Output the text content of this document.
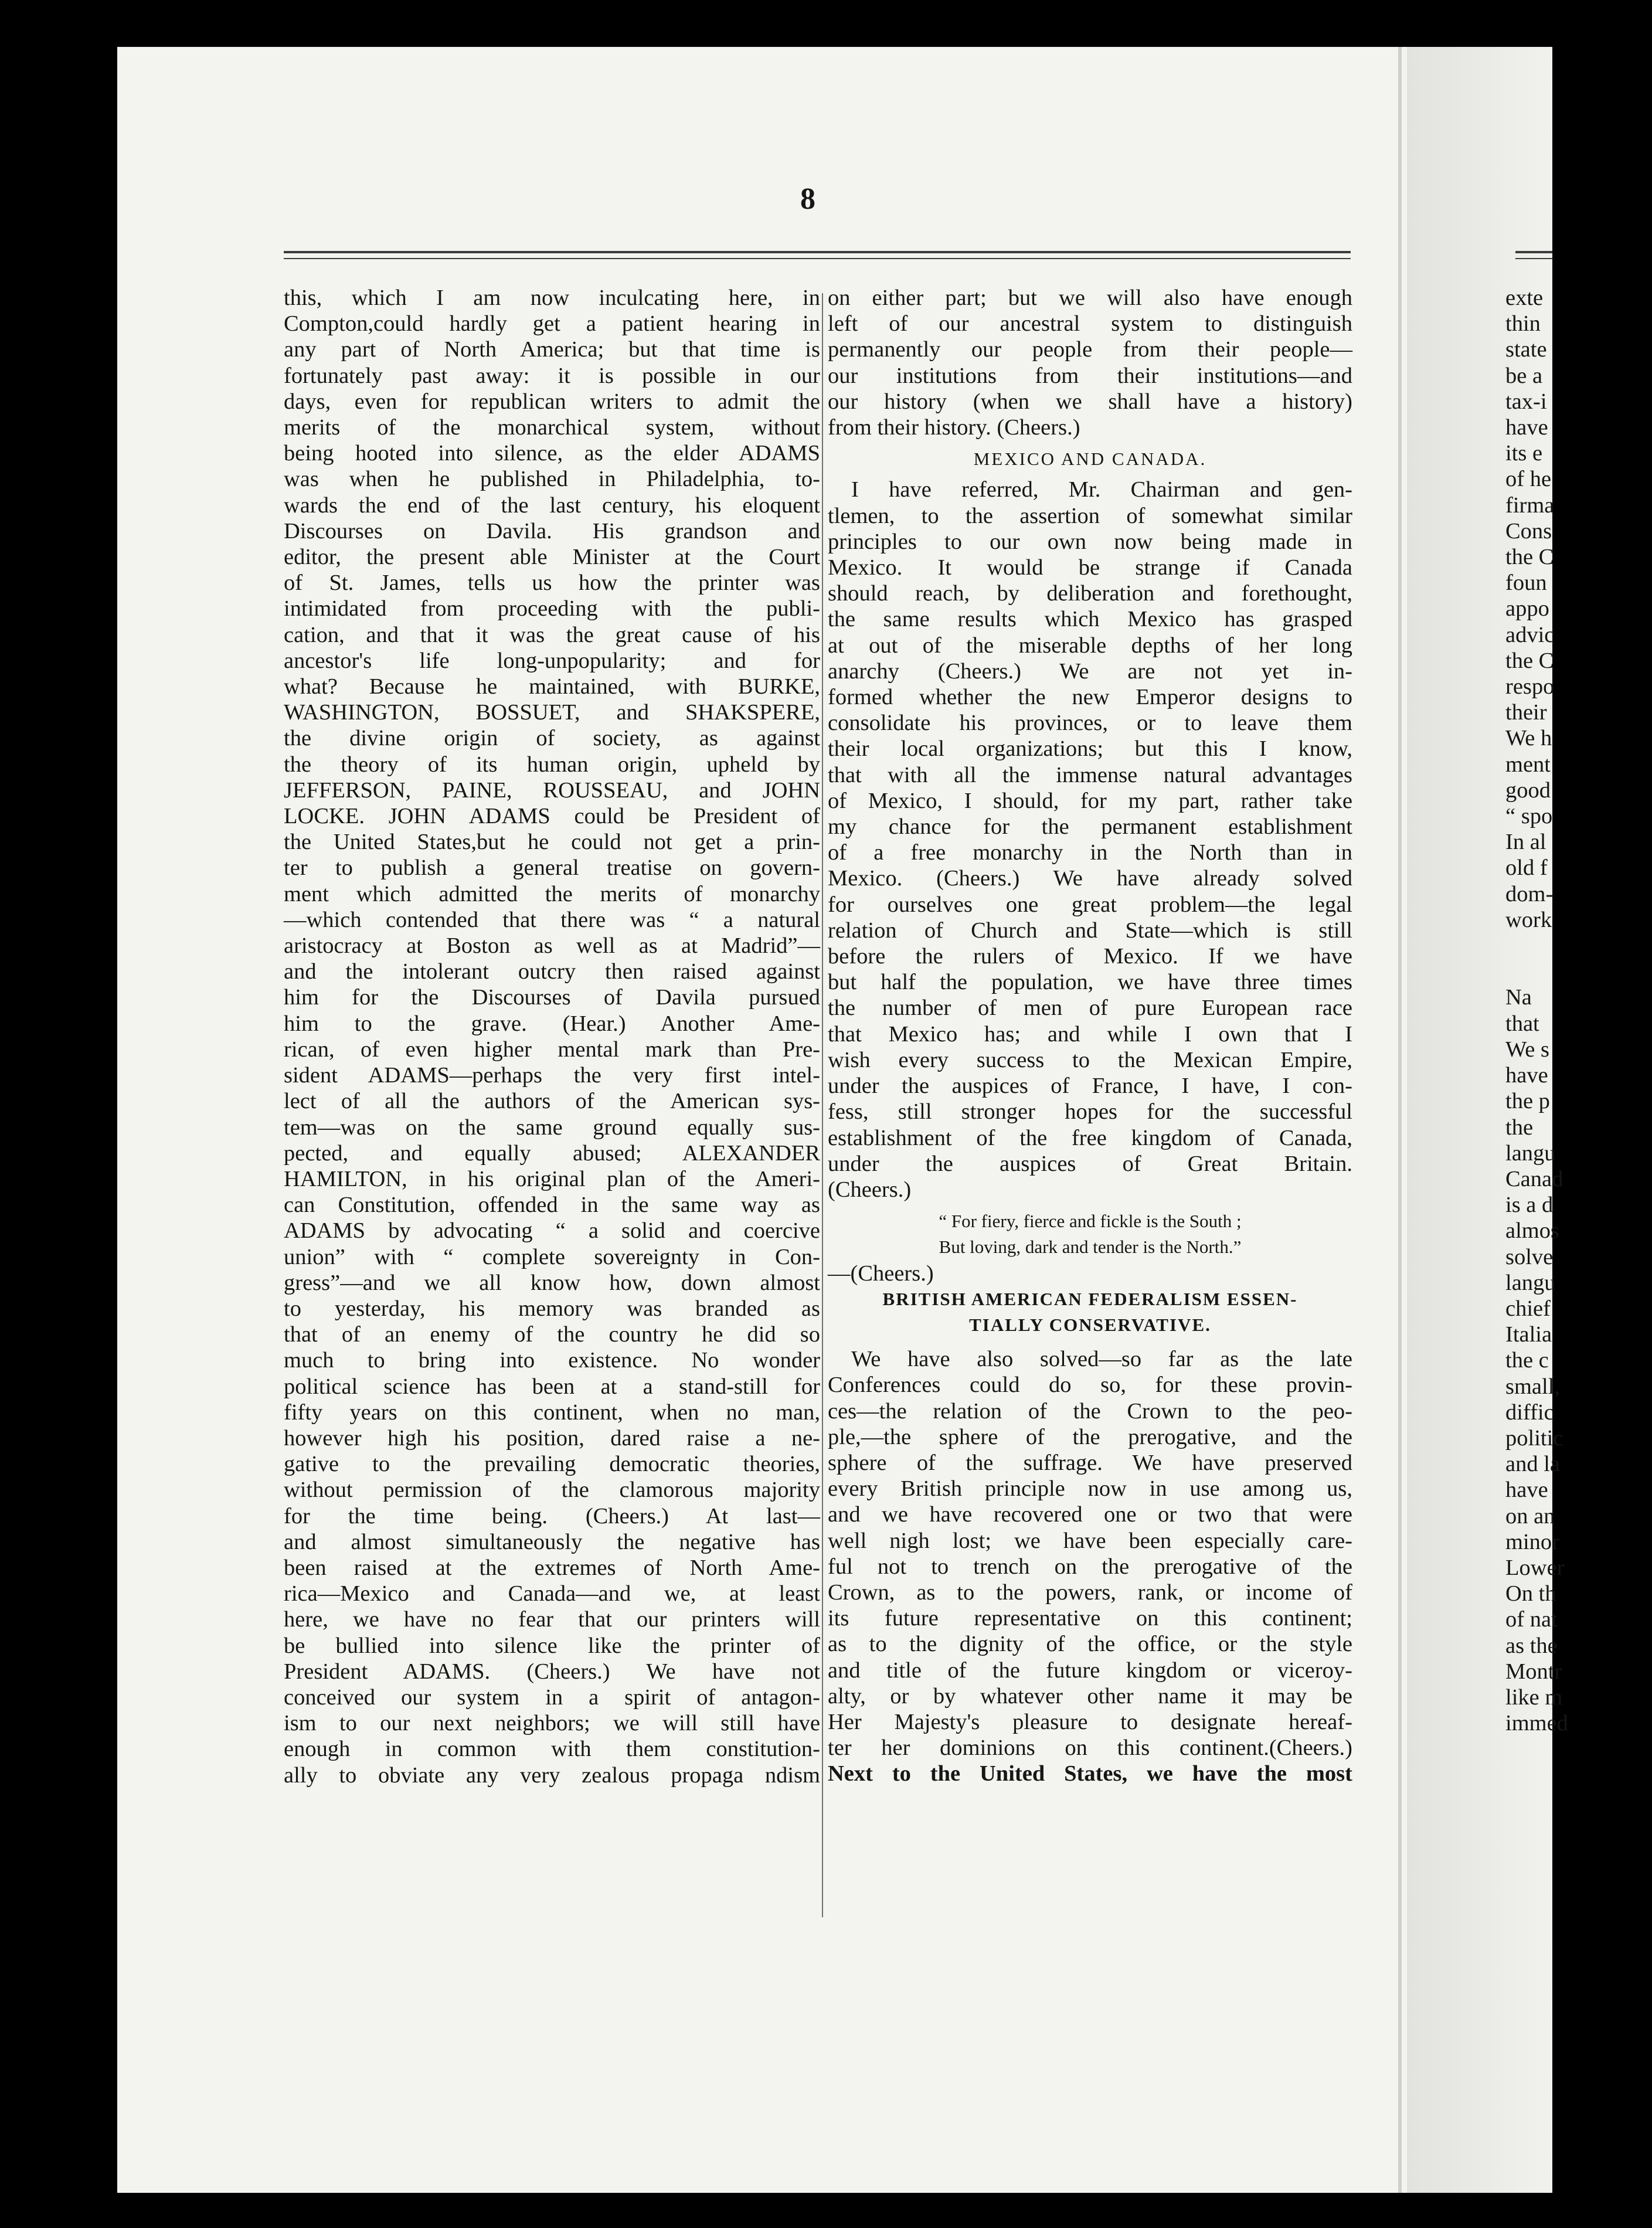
8
this, which I am now inculcating here, in
Compton,could hardly get a patient hearing in
any part of North America; but that time is
fortunately past away: it is possible in our
days, even for republican writers to admit the
merits of the monarchical system, without
being hooted into silence, as the elder ADAMS
was when he published in Philadelphia, to-
wards the end of the last century, his eloquent
Discourses on Davila. His grandson and
editor, the present able Minister at the Court
of St. James, tells us how the printer was
intimidated from proceeding with the publi-
cation, and that it was the great cause of his
ancestor's life long-unpopularity; and for
what? Because he maintained, with BURKE,
WASHINGTON, BOSSUET, and SHAKSPERE,
the divine origin of society, as against
the theory of its human origin, upheld by
JEFFERSON, PAINE, ROUSSEAU, and JOHN
LOCKE. JOHN ADAMS could be President of
the United States,but he could not get a prin-
ter to publish a general treatise on govern-
ment which admitted the merits of monarchy
—which contended that there was “ a natural
aristocracy at Boston as well as at Madrid”—
and the intolerant outcry then raised against
him for the Discourses of Davila pursued
him to the grave. (Hear.) Another Ame-
rican, of even higher mental mark than Pre-
sident ADAMS—perhaps the very first intel-
lect of all the authors of the American sys-
tem—was on the same ground equally sus-
pected, and equally abused; ALEXANDER
HAMILTON, in his original plan of the Ameri-
can Constitution, offended in the same way as
ADAMS by advocating “ a solid and coercive
union” with “ complete sovereignty in Con-
gress”—and we all know how, down almost
to yesterday, his memory was branded as
that of an enemy of the country he did so
much to bring into existence. No wonder
political science has been at a stand-still for
fifty years on this continent, when no man,
however high his position, dared raise a ne-
gative to the prevailing democratic theories,
without permission of the clamorous majority
for the time being. (Cheers.) At last—
and almost simultaneously the negative has
been raised at the extremes of North Ame-
rica—Mexico and Canada—and we, at least
here, we have no fear that our printers will
be bullied into silence like the printer of
President ADAMS. (Cheers.) We have not
conceived our system in a spirit of antagon-
ism to our next neighbors; we will still have
enough in common with them constitution-
ally to obviate any very zealous propaga ndism
on either part; but we will also have enough
left of our ancestral system to distinguish
permanently our people from their people—
our institutions from their institutions—and
our history (when we shall have a history)
from their history. (Cheers.)
MEXICO AND CANADA.
I have referred, Mr. Chairman and gen-
tlemen, to the assertion of somewhat similar
principles to our own now being made in
Mexico. It would be strange if Canada
should reach, by deliberation and forethought,
the same results which Mexico has grasped
at out of the miserable depths of her long
anarchy (Cheers.) We are not yet in-
formed whether the new Emperor designs to
consolidate his provinces, or to leave them
their local organizations; but this I know,
that with all the immense natural advantages
of Mexico, I should, for my part, rather take
my chance for the permanent establishment
of a free monarchy in the North than in
Mexico. (Cheers.) We have already solved
for ourselves one great problem—the legal
relation of Church and State—which is still
before the rulers of Mexico. If we have
but half the population, we have three times
the number of men of pure European race
that Mexico has; and while I own that I
wish every success to the Mexican Empire,
under the auspices of France, I have, I con-
fess, still stronger hopes for the successful
establishment of the free kingdom of Canada,
under the auspices of Great Britain.
(Cheers.)
“ For fiery, fierce and fickle is the South ;
But loving, dark and tender is the North.”
—(Cheers.)
BRITISH AMERICAN FEDERALISM ESSEN-
TIALLY CONSERVATIVE.
We have also solved—so far as the late
Conferences could do so, for these provin-
ces—the relation of the Crown to the peo-
ple,—the sphere of the prerogative, and the
sphere of the suffrage. We have preserved
every British principle now in use among us,
and we have recovered one or two that were
well nigh lost; we have been especially care-
ful not to trench on the prerogative of the
Crown, as to the powers, rank, or income of
its future representative on this continent;
as to the dignity of the office, or the style
and title of the future kingdom or viceroy-
alty, or by whatever other name it may be
Her Majesty's pleasure to designate hereaf-
ter her dominions on this continent.(Cheers.)
Next to the United States, we have the most
exte
thin
state
be a
tax-i
have
its e
of he
firma
Cons
the C
foun
appo
advic
the C
respo
their
We h
ment
good
“ spo
In al
old f
dom-
work

Na
that
We s
have
the p
the
langu
Canad
is a d
almos
solve
langu
chief
Italia
the c
small,
diffic
politic
and la
have
on an
minor
Lower
On th
of nat
as the
Montr
like m
immed
